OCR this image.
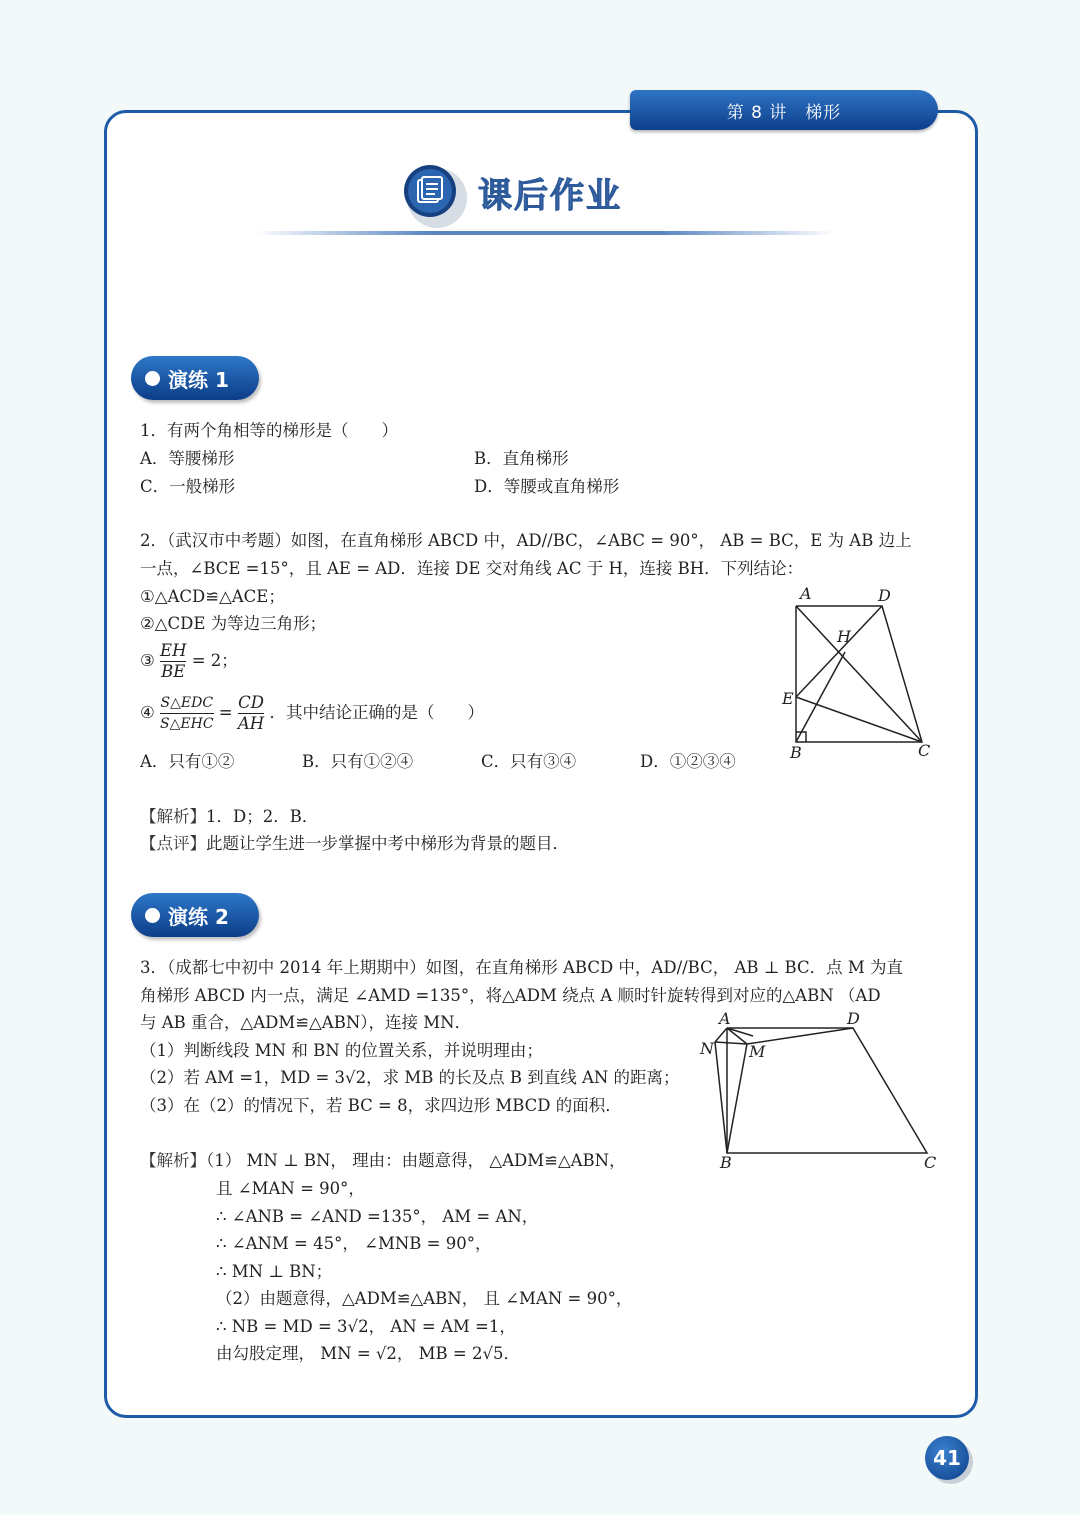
第 8 讲　梯形
课后作业
演练 1
1．有两个角相等的梯形是（　　）
A．等腰梯形	B．直角梯形
C．一般梯形	D．等腰或直角梯形
2．（武汉市中考题）如图，在直角梯形 ABCD 中，AD//BC，∠ABC = 90°， AB = BC，E 为 AB 边上
一点，∠BCE =15°，且 AE = AD．连接 DE 交对角线 AC 于 H，连接 BH．下列结论：
①△ACD≌△ACE；
②△CDE 为等边三角形；
③ $\frac{EH}{BE} = 2$；
④ $\frac{\text{S△EDC}}{\text{S△EHC}} = \frac{CD}{AH}$ ．其中结论正确的是（　　）
A．只有①②	B．只有①②④	C．只有③④	D．①②③④
A	D
H
E
B	C
【解析】1．D；2．B．
【点评】此题让学生进一步掌握中考中梯形为背景的题目．
演练 2
3．（成都七中初中 2014 年上期期中）如图，在直角梯形 ABCD 中，AD//BC， AB ⊥ BC．点 M 为直
角梯形 ABCD 内一点，满足 ∠AMD =135°，将△ADM 绕点 A 顺时针旋转得到对应的△ABN （AD
与 AB 重合，△ADM≌△ABN），连接 MN．
（1）判断线段 MN 和 BN 的位置关系，并说明理由；
（2）若 AM =1，MD = 3√2，求 MB 的长及点 B 到直线 AN 的距离；
（3）在（2）的情况下，若 BC = 8，求四边形 MBCD 的面积．
A	D
N M
B	C
【解析】（1） MN ⊥ BN， 理由：由题意得， △ADM≌△ABN，
且 ∠MAN = 90°，
∴ ∠ANB = ∠AND =135°， AM = AN，
∴ ∠ANM = 45°， ∠MNB = 90°，
∴ MN ⊥ BN；
（2）由题意得，△ADM≌△ABN， 且 ∠MAN = 90°，
∴ NB = MD = 3√2， AN = AM =1，
由勾股定理， MN = √2， MB = 2√5．
41
